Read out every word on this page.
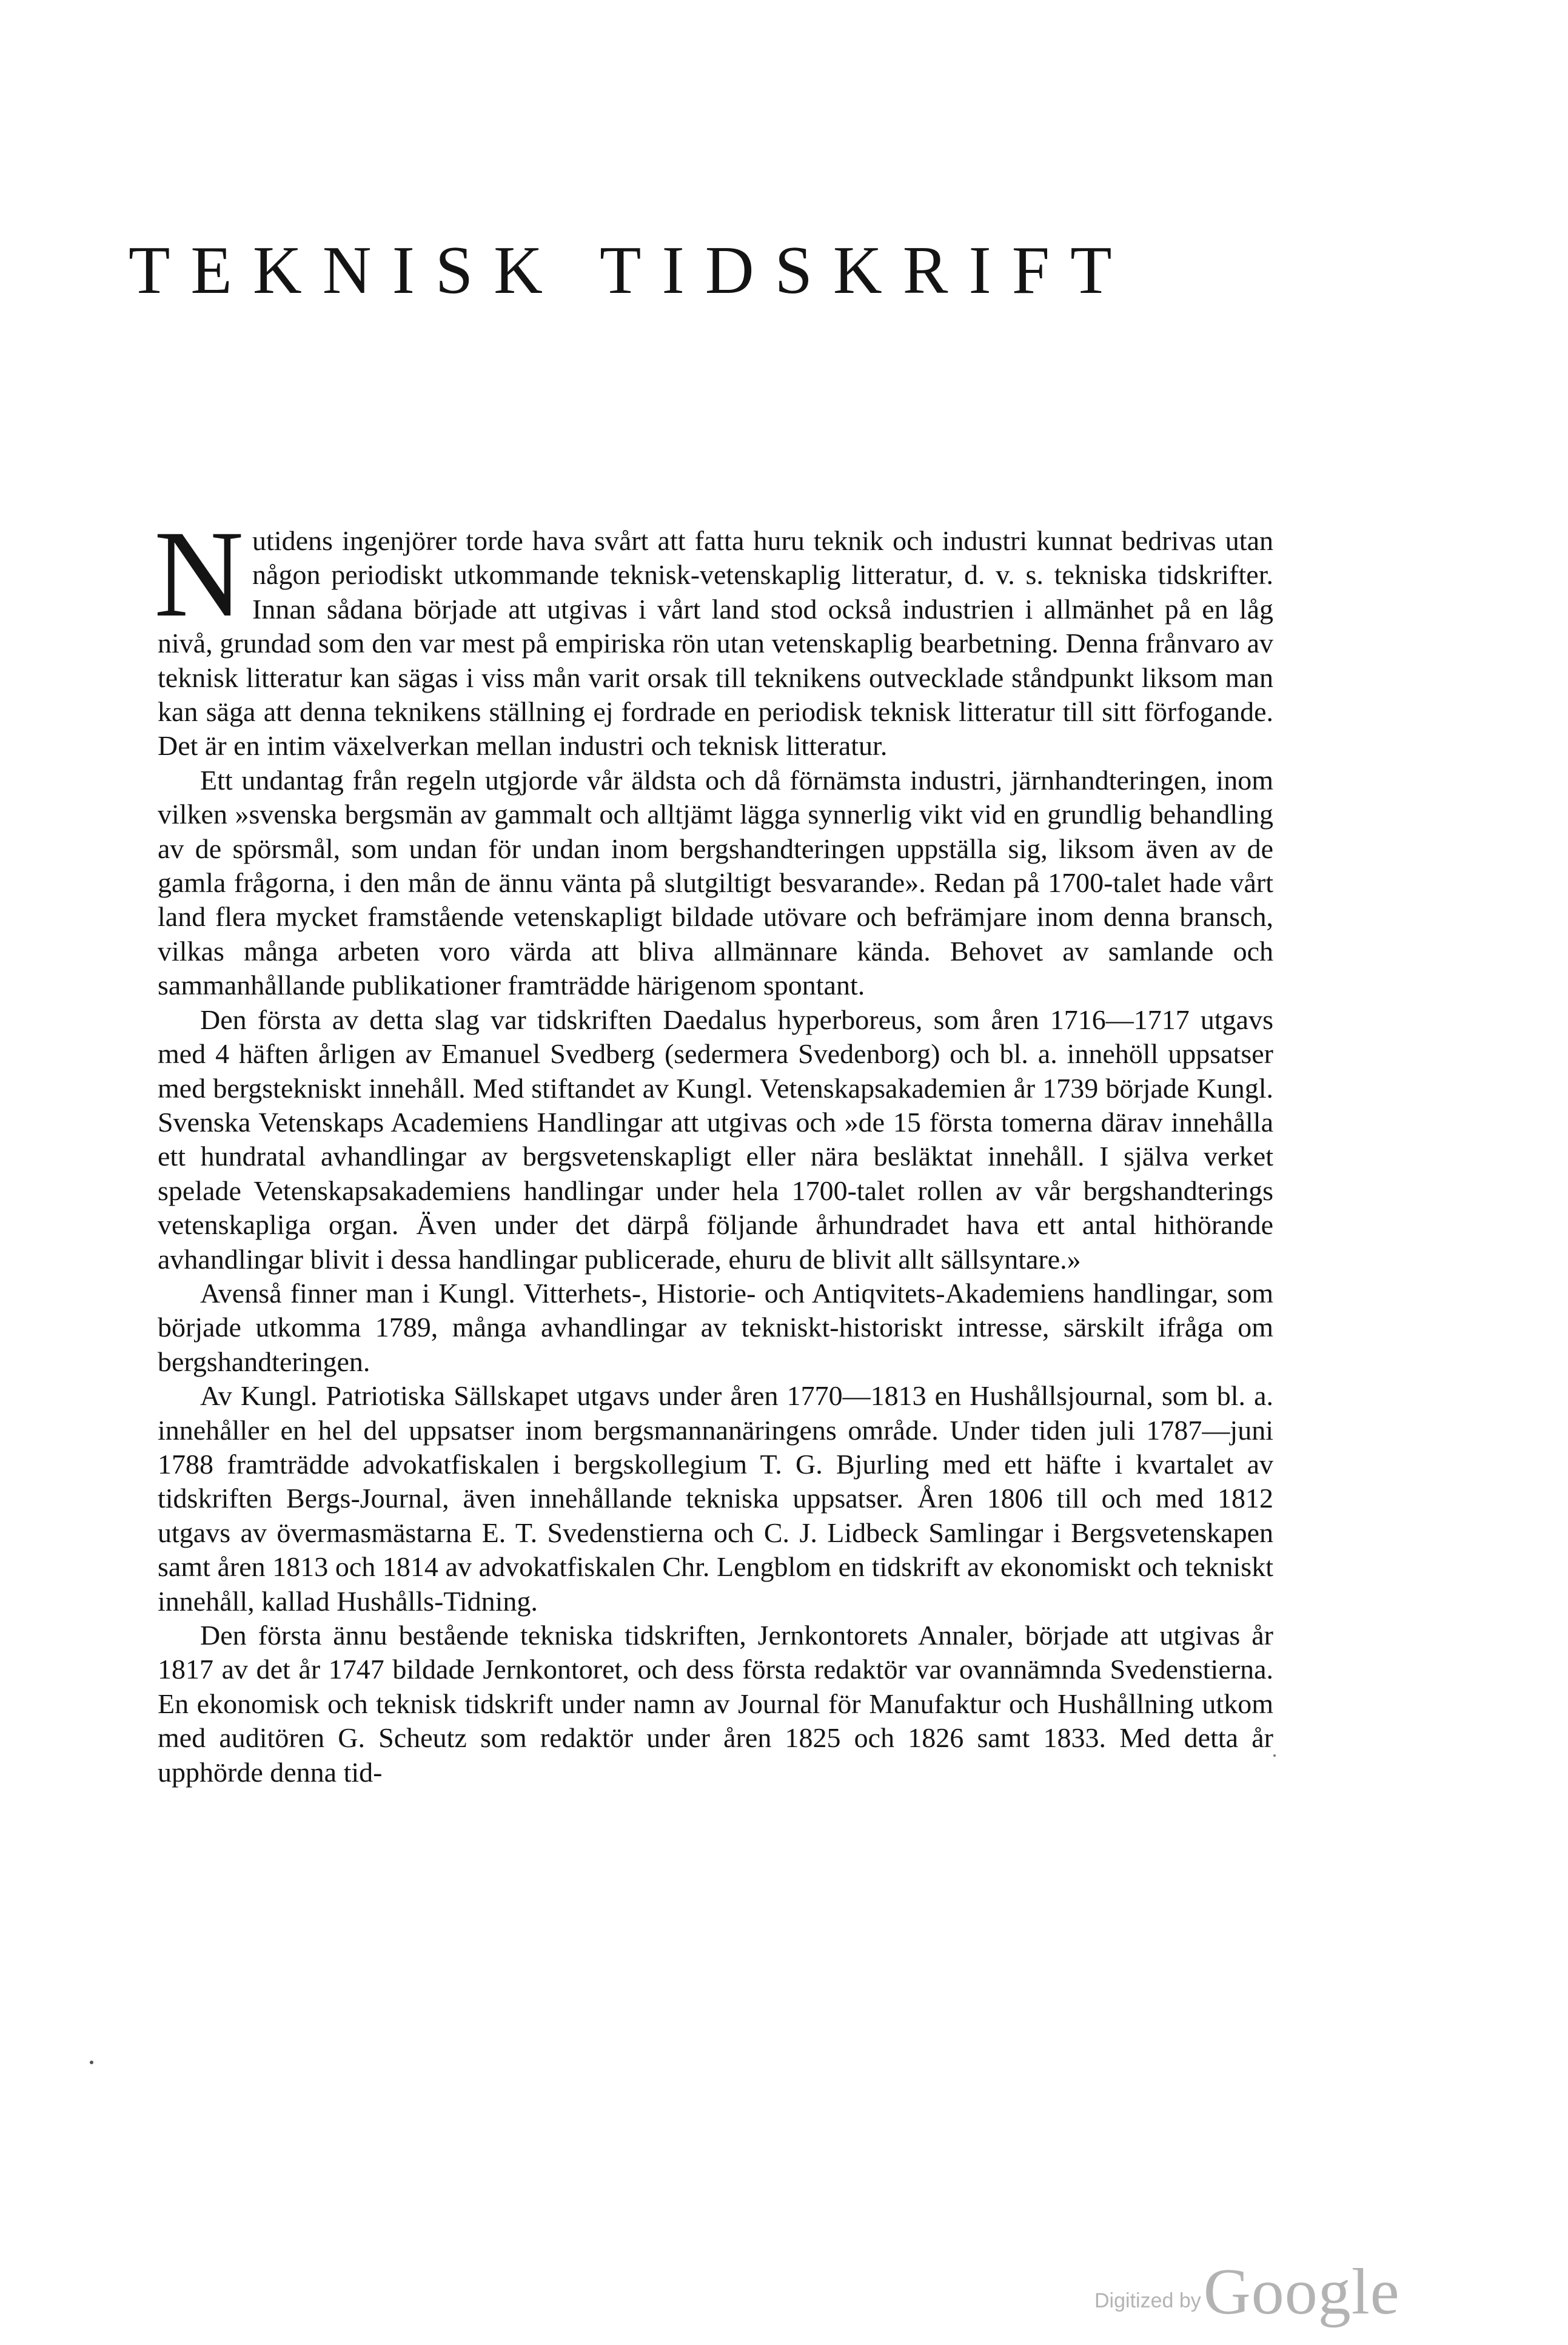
TEKNISK TIDSKRIFT

Nutidens ingenjörer torde hava svårt att fatta huru teknik och industri kunnat bedrivas utan någon periodiskt utkommande teknisk‑vetenskaplig litteratur, d. v. s. tekniska tidskrifter. Innan sådana började att utgivas i vårt land stod också industrien i allmänhet på en låg nivå, grundad som den var mest på empiriska rön utan vetenskaplig bearbetning. Denna frånvaro av teknisk litteratur kan sägas i viss mån varit orsak till teknikens outvecklade ståndpunkt liksom man kan säga att denna teknikens ställning ej fordrade en periodisk teknisk litteratur till sitt förfogande. Det är en intim växelverkan mellan industri och teknisk litteratur.

Ett undantag från regeln utgjorde vår äldsta och då förnämsta industri, järnhandteringen, inom vilken »svenska bergsmän av gammalt och alltjämt lägga synnerlig vikt vid en grundlig behandling av de spörsmål, som undan för undan inom bergshandteringen uppställa sig, liksom även av de gamla frågorna, i den mån de ännu vänta på slutgiltigt besvarande». Redan på 1700‑talet hade vårt land flera mycket framstående vetenskapligt bildade utövare och befrämjare inom denna bransch, vilkas många arbeten voro värda att bliva allmännare kända. Behovet av samlande och sammanhållande publikationer framträdde härigenom spontant.

Den första av detta slag var tidskriften Daedalus hyperboreus, som åren 1716—1717 utgavs med 4 häften årligen av Emanuel Svedberg (sedermera Svedenborg) och bl. a. innehöll uppsatser med bergstekniskt innehåll. Med stiftandet av Kungl. Vetenskapsakademien år 1739 började Kungl. Svenska Vetenskaps Academiens Handlingar att utgivas och »de 15 första tomerna därav innehålla ett hundratal avhandlingar av bergsvetenskapligt eller nära besläktat innehåll. I själva verket spelade Vetenskapsakademiens handlingar under hela 1700‑talet rollen av vår bergshandterings vetenskapliga organ. Även under det därpå följande århundradet hava ett antal hithörande avhandlingar blivit i dessa handlingar publicerade, ehuru de blivit allt sällsyntare.»

Avenså finner man i Kungl. Vitterhets‑, Historie‑ och Antiqvitets‑Akademiens handlingar, som började utkomma 1789, många avhandlingar av tekniskt‑historiskt intresse, särskilt ifråga om bergshandteringen.

Av Kungl. Patriotiska Sällskapet utgavs under åren 1770—1813 en Hushållsjournal, som bl. a. innehåller en hel del uppsatser inom bergsmannanäringens område. Under tiden juli 1787—juni 1788 framträdde advokatfiskalen i bergskollegium T. G. Bjurling med ett häfte i kvartalet av tidskriften Bergs‑Journal, även innehållande tekniska uppsatser. Åren 1806 till och med 1812 utgavs av övermasmästarna E. T. Svedenstierna och C. J. Lidbeck Samlingar i Bergsvetenskapen samt åren 1813 och 1814 av advokatfiskalen Chr. Lengblom en tidskrift av ekonomiskt och tekniskt innehåll, kallad Hushålls‑Tidning.

Den första ännu bestående tekniska tidskriften, Jernkontorets Annaler, började att utgivas år 1817 av det år 1747 bildade Jernkontoret, och dess första redaktör var ovannämnda Svedenstierna. En ekonomisk och teknisk tidskrift under namn av Journal för Manufaktur och Hushållning utkom med auditören G. Scheutz som redaktör under åren 1825 och 1826 samt 1833. Med detta år upphörde denna tid‑

Digitized by Google
